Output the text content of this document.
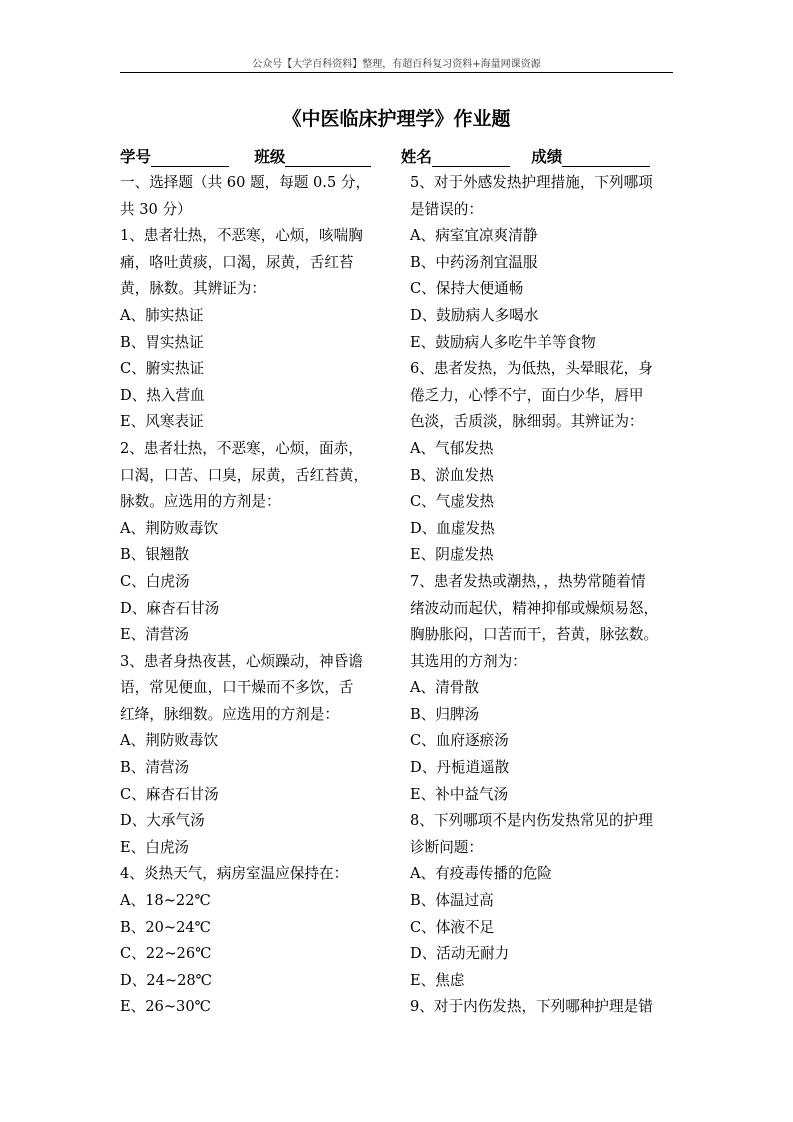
公众号【大学百科资料】整理，有超百科复习资料+海量网课资源
《中医临床护理学》作业题
学号	班级	姓名	成绩
一、选择题（共 60 题，每题 0.5 分，
共 30 分）
1、患者壮热，不恶寒，心烦，咳喘胸
痛，咯吐黄痰，口渴，尿黄，舌红苔
黄，脉数。其辨证为：
A、肺实热证
B、胃实热证
C、腑实热证
D、热入营血
E、风寒表证
2、患者壮热，不恶寒，心烦，面赤，
口渴，口苦、口臭，尿黄，舌红苔黄，
脉数。应选用的方剂是：
A、荆防败毒饮
B、银翘散
C、白虎汤
D、麻杏石甘汤
E、清营汤
3、患者身热夜甚，心烦躁动，神昏谵
语，常见便血，口干燥而不多饮，舌
红绛，脉细数。应选用的方剂是：
A、荆防败毒饮
B、清营汤
C、麻杏石甘汤
D、大承气汤
E、白虎汤
4、炎热天气，病房室温应保持在：
A、18~22℃
B、20~24℃
C、22~26℃
D、24~28℃
E、26~30℃
5、对于外感发热护理措施，下列哪项
是错误的：
A、病室宜凉爽清静
B、中药汤剂宜温服
C、保持大便通畅
D、鼓励病人多喝水
E、鼓励病人多吃牛羊等食物
6、患者发热，为低热，头晕眼花，身
倦乏力，心悸不宁，面白少华，唇甲
色淡，舌质淡，脉细弱。其辨证为：
A、气郁发热
B、淤血发热
C、气虚发热
D、血虚发热
E、阴虚发热
7、患者发热或潮热，，热势常随着情
绪波动而起伏，精神抑郁或燥烦易怒，
胸胁胀闷，口苦而干，苔黄，脉弦数。
其选用的方剂为：
A、清骨散
B、归脾汤
C、血府逐瘀汤
D、丹栀逍遥散
E、补中益气汤
8、下列哪项不是内伤发热常见的护理
诊断问题：
A、有疫毒传播的危险
B、体温过高
C、体液不足
D、活动无耐力
E、焦虑
9、对于内伤发热，下列哪种护理是错
